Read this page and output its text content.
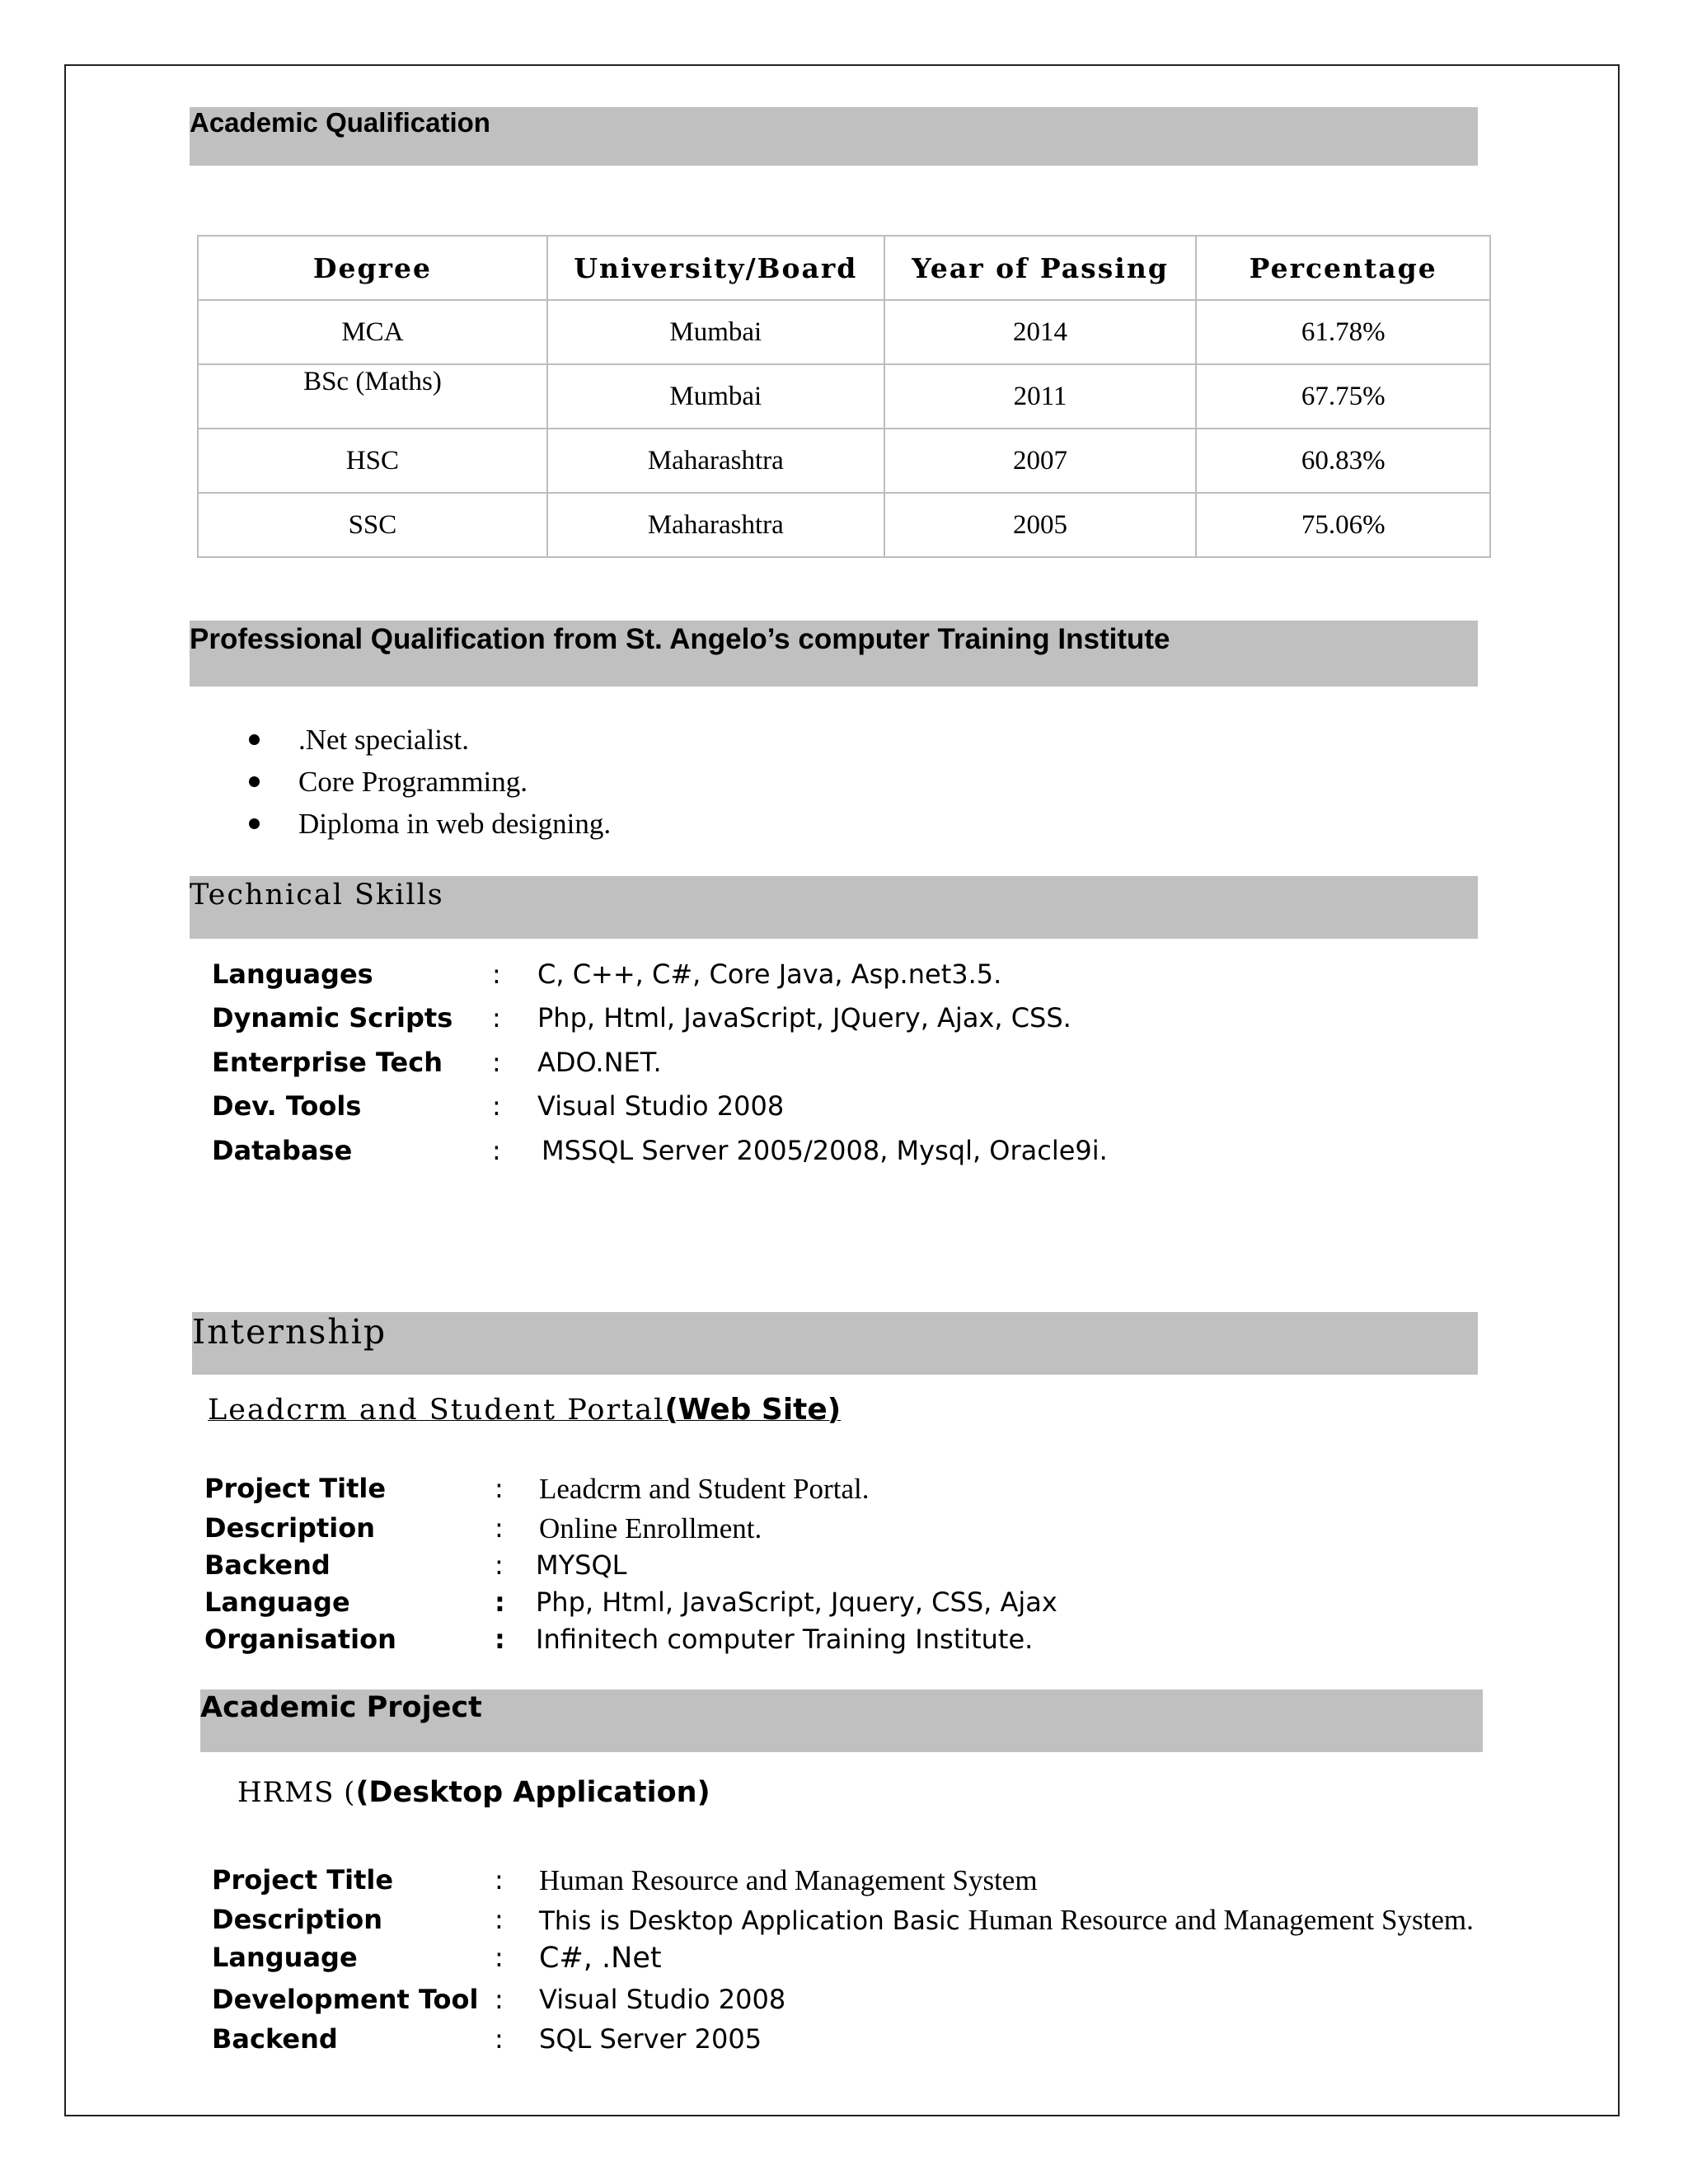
Academic Qualification
Degree	University/Board	Year of Passing	Percentage
MCA	Mumbai	2014	61.78%
BSc (Maths)	Mumbai	2011	67.75%
HSC	Maharashtra	2007	60.83%
SSC	Maharashtra	2005	75.06%
Professional Qualification from St. Angelo’s computer Training Institute
.Net specialist.
Core Programming.
Diploma in web designing.
Technical Skills
Languages	: C, C++, C#, Core Java, Asp.net3.5.
Dynamic Scripts : Php, Html, JavaScript, JQuery, Ajax, CSS.
Enterprise Tech : ADO.NET.
Dev. Tools	: Visual Studio 2008
Database	: MSSQL Server 2005/2008, Mysql, Oracle9i.
Internship
Leadcrm and Student Portal(Web Site)
Project Title	: Leadcrm and Student Portal.
Description	: Online Enrollment.
Backend	: MYSQL
Language	: Php, Html, JavaScript, Jquery, CSS, Ajax
Organisation	: Infinitech computer Training Institute.
Academic Project
HRMS ((Desktop Application)
Project Title	: Human Resource and Management System
Description	: This is Desktop Application Basic Human Resource and Management System.
Language	: C#, .Net
Development Tool : Visual Studio 2008
Backend	: SQL Server 2005
